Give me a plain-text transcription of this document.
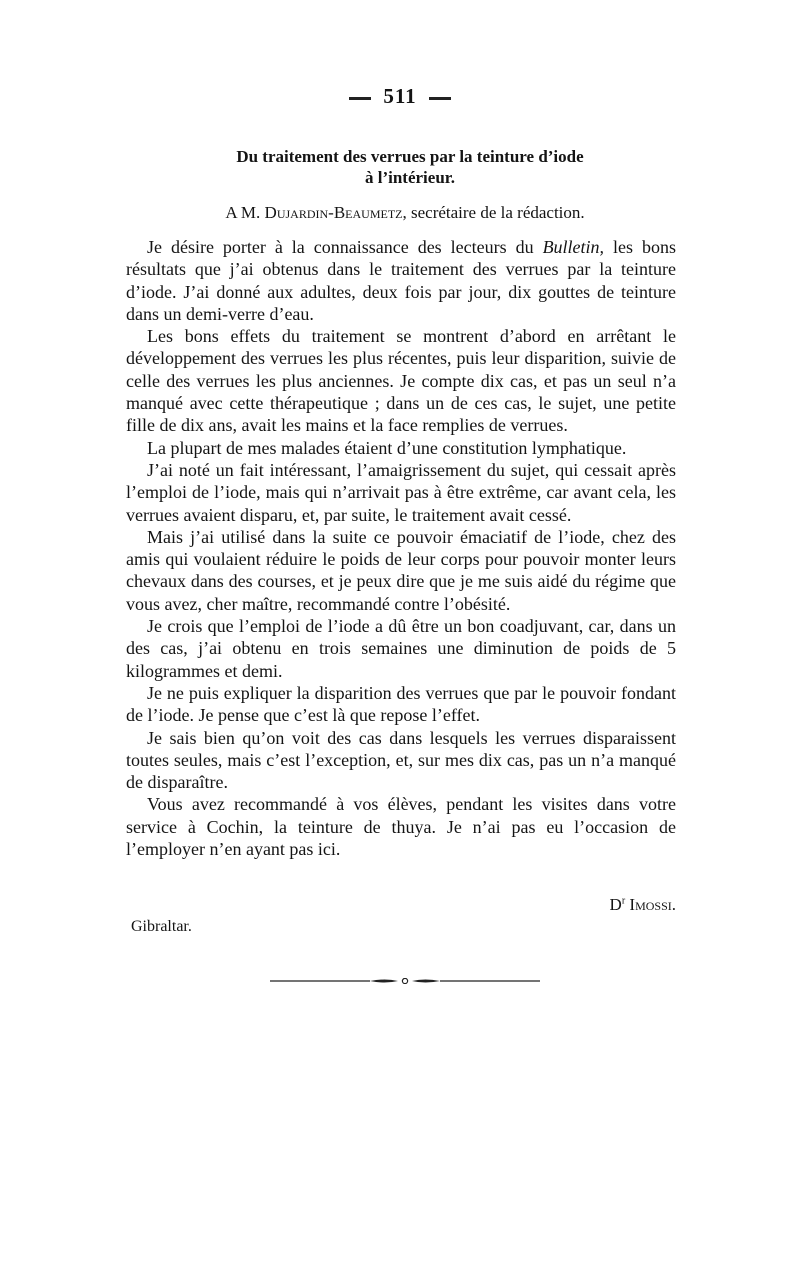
511
Du traitement des verrues par la teinture d’iode
à l’intérieur.
A M. Dujardin-Beaumetz, secrétaire de la rédaction.

Je désire porter à la connaissance des lecteurs du Bulletin, les bons résultats que j’ai obtenus dans le traitement des verrues par la teinture d’iode. J’ai donné aux adultes, deux fois par jour, dix gouttes de teinture dans un demi-verre d’eau.

Les bons effets du traitement se montrent d’abord en arrêtant le développement des verrues les plus récentes, puis leur disparition, suivie de celle des verrues les plus anciennes. Je compte dix cas, et pas un seul n’a manqué avec cette thérapeutique ; dans un de ces cas, le sujet, une petite fille de dix ans, avait les mains et la face remplies de verrues.

La plupart de mes malades étaient d’une constitution lymphatique.

J’ai noté un fait intéressant, l’amaigrissement du sujet, qui cessait après l’emploi de l’iode, mais qui n’arrivait pas à être extrême, car avant cela, les verrues avaient disparu, et, par suite, le traitement avait cessé.

Mais j’ai utilisé dans la suite ce pouvoir émaciatif de l’iode, chez des amis qui voulaient réduire le poids de leur corps pour pouvoir monter leurs chevaux dans des courses, et je peux dire que je me suis aidé du régime que vous avez, cher maître, recommandé contre l’obésité.

Je crois que l’emploi de l’iode a dû être un bon coadjuvant, car, dans un des cas, j’ai obtenu en trois semaines une diminution de poids de 5 kilogrammes et demi.

Je ne puis expliquer la disparition des verrues que par le pouvoir fondant de l’iode. Je pense que c’est là que repose l’effet.

Je sais bien qu’on voit des cas dans lesquels les verrues disparaissent toutes seules, mais c’est l’exception, et, sur mes dix cas, pas un n’a manqué de disparaître.

Vous avez recommandé à vos élèves, pendant les visites dans votre service à Cochin, la teinture de thuya. Je n’ai pas eu l’occasion de l’employer n’en ayant pas ici.

$D^r$ Imossi.
Gibraltar.
